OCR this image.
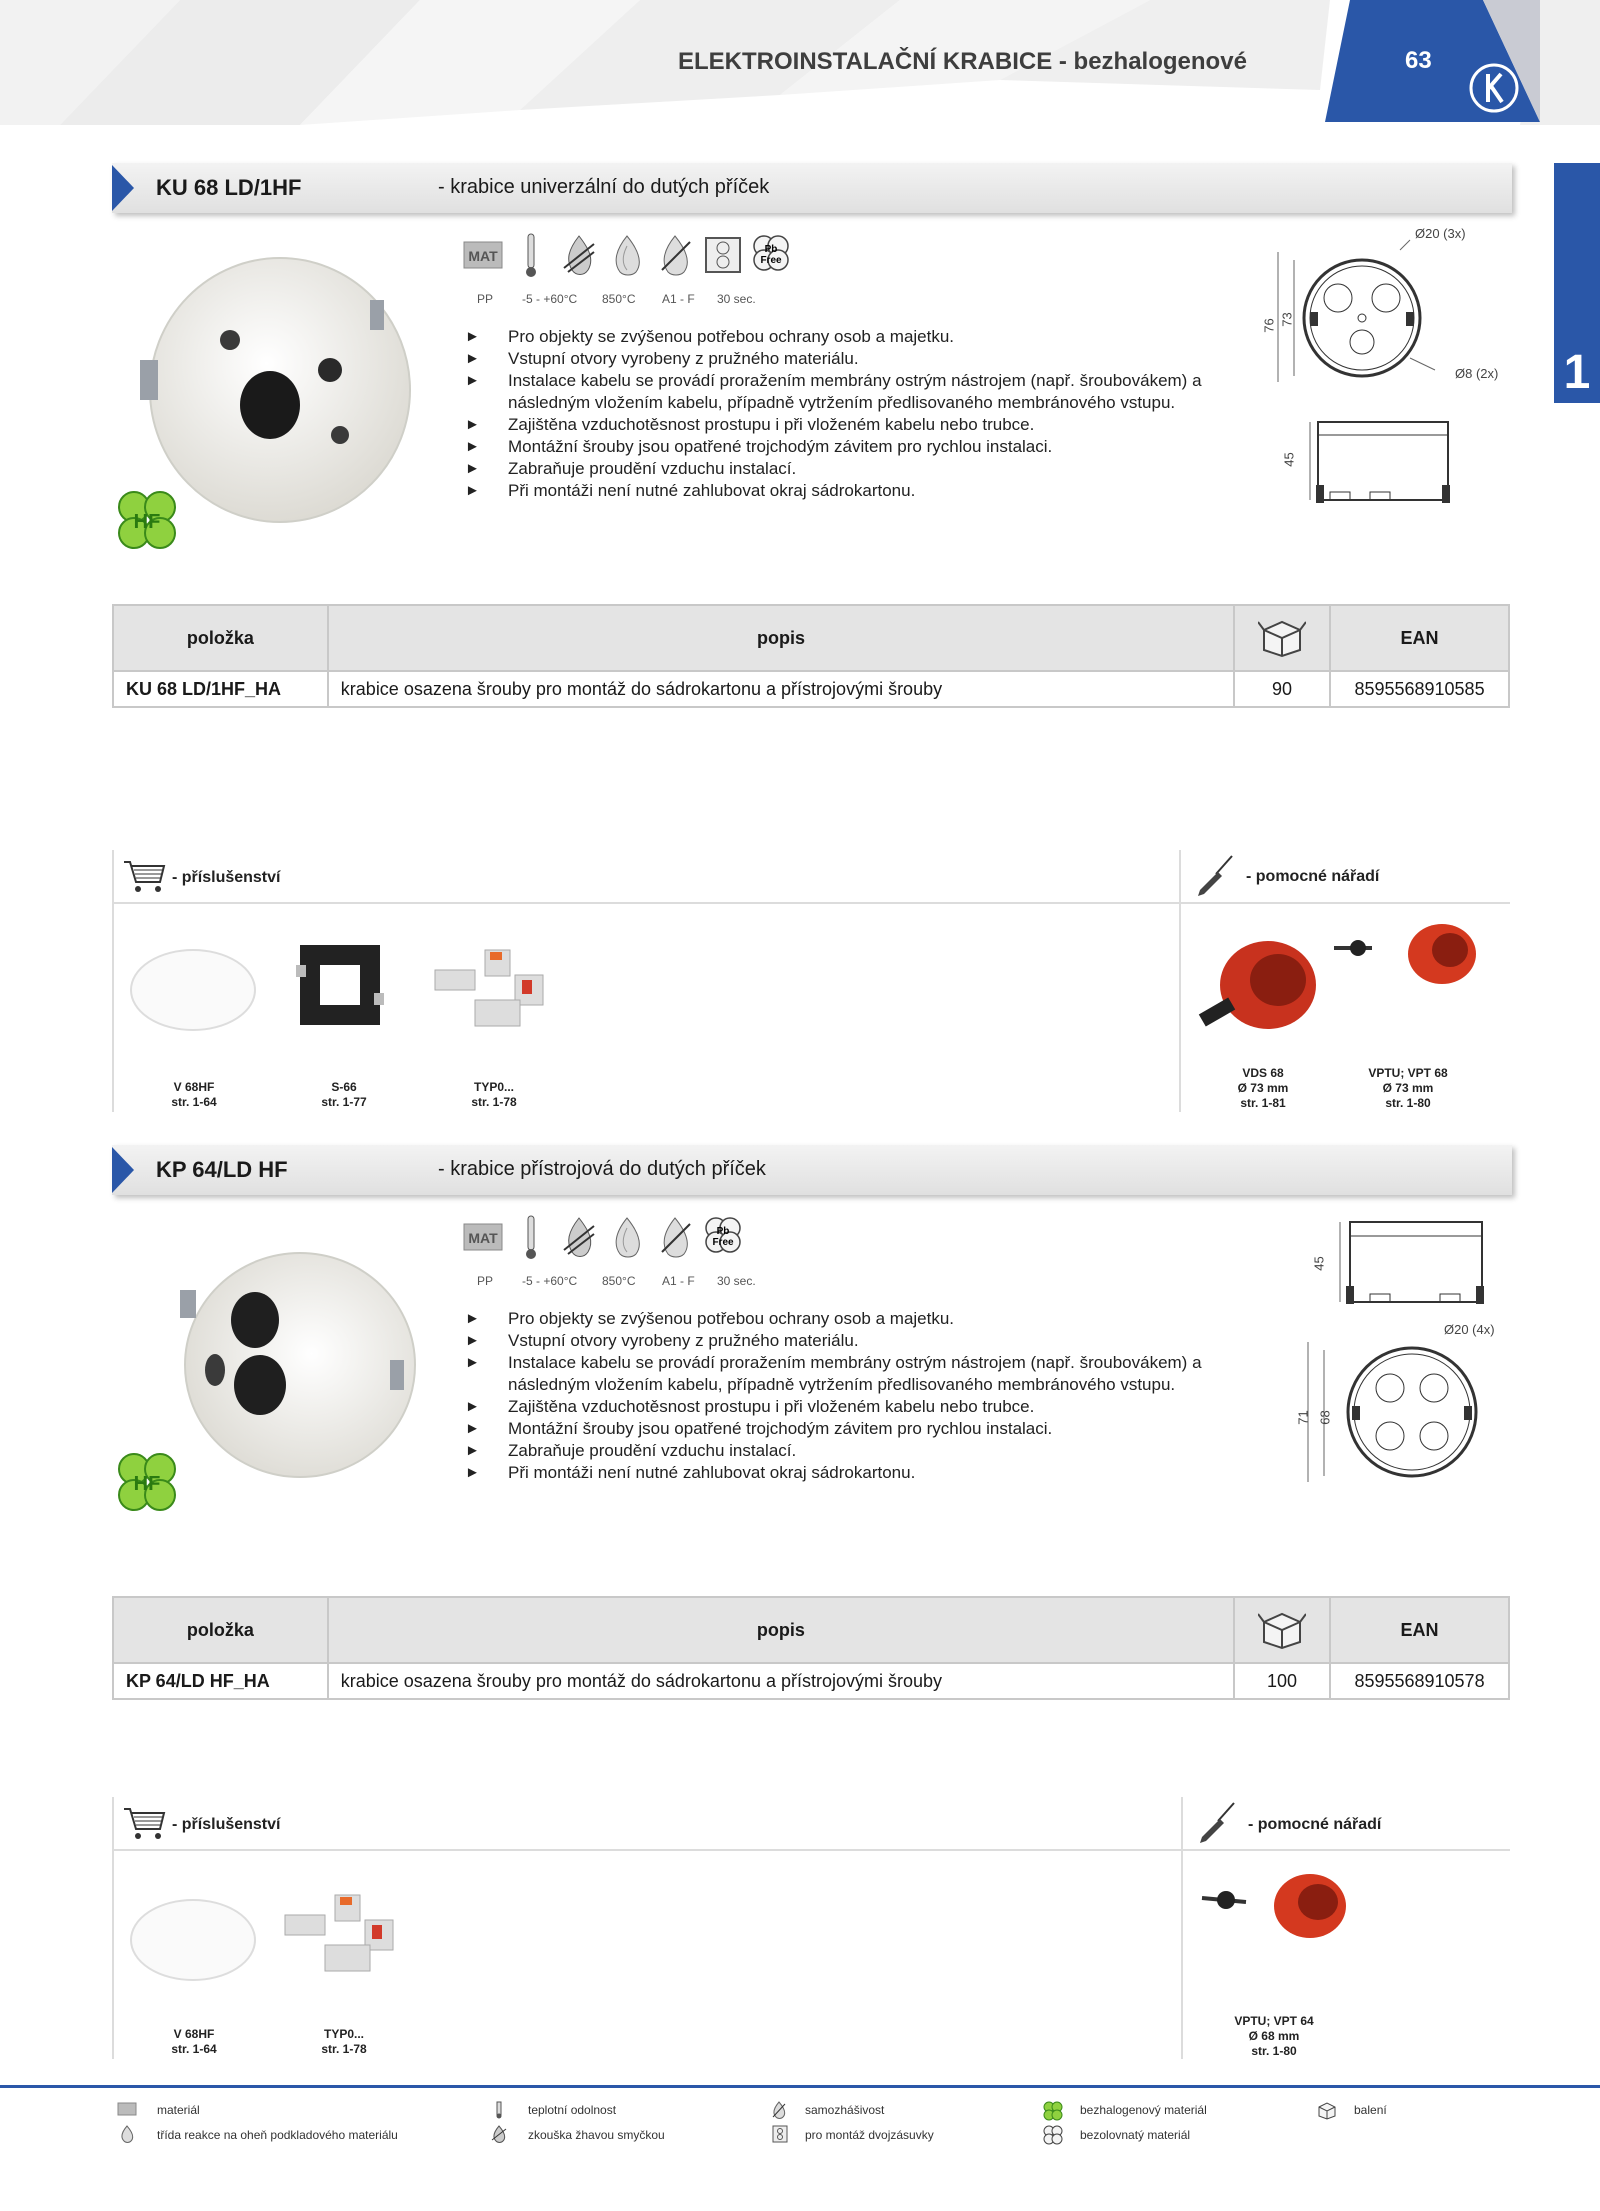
ELEKTROINSTALAČNÍ KRABICE - bezhalogenové	63
1
KU 68 LD/1HF	- krabice univerzální do dutých příček
HF
MAT	Pb
Free
PP -5 - +60°C 850°C A1 - F 30 sec.
► Pro objekty se zvýšenou potřebou ochrany osob a majetku.
► Vstupní otvory vyrobeny z pružného materiálu.
► Instalace kabelu se provádí proražením membrány ostrým nástrojem (např. šroubovákem) a následným vložením kabelu, případně vytržením předlisovaného membránového vstupu.
► Zajištěna vzduchotěsnost prostupu i při vloženém kabelu nebo trubce.
► Montážní šrouby jsou opatřené trojchodým závitem pro rychlou instalaci.
► Zabraňuje proudění vzduchu instalací.
► Při montáži není nutné zahlubovat okraj sádrokartonu.
Ø20 (3x)
Ø8 (2x)
76 73
45
položka	popis		EAN
KU 68 LD/1HF_HA	krabice osazena šrouby pro montáž do sádrokartonu a přístrojovými šrouby	90	8595568910585
- příslušenství	- pomocné nářadí
V 68HF
str. 1-64
S-66
str. 1-77
TYP0...
str. 1-78
VDS 68
Ø 73 mm
str. 1-81
VPTU; VPT 68
Ø 73 mm
str. 1-80
KP 64/LD HF	- krabice přístrojová do dutých příček
HF
MAT	Pb
Free
PP -5 - +60°C 850°C A1 - F 30 sec.
► Pro objekty se zvýšenou potřebou ochrany osob a majetku.
► Vstupní otvory vyrobeny z pružného materiálu.
► Instalace kabelu se provádí proražením membrány ostrým nástrojem (např. šroubovákem) a následným vložením kabelu, případně vytržením předlisovaného membránového vstupu.
► Zajištěna vzduchotěsnost prostupu i při vloženém kabelu nebo trubce.
► Montážní šrouby jsou opatřené trojchodým závitem pro rychlou instalaci.
► Zabraňuje proudění vzduchu instalací.
► Při montáži není nutné zahlubovat okraj sádrokartonu.
Ø20 (4x)
45
71 68
položka	popis		EAN
KP 64/LD HF_HA	krabice osazena šrouby pro montáž do sádrokartonu a přístrojovými šrouby	100	8595568910578
- příslušenství	- pomocné nářadí
V 68HF
str. 1-64
TYP0...
str. 1-78
VPTU; VPT 64
Ø 68 mm
str. 1-80
materiál
třída reakce na oheň podkladového materiálu
teplotní odolnost
zkouška žhavou smyčkou
samozhášivost
pro montáž dvojzásuvky
bezhalogenový materiál
bezolovnatý materiál
balení
